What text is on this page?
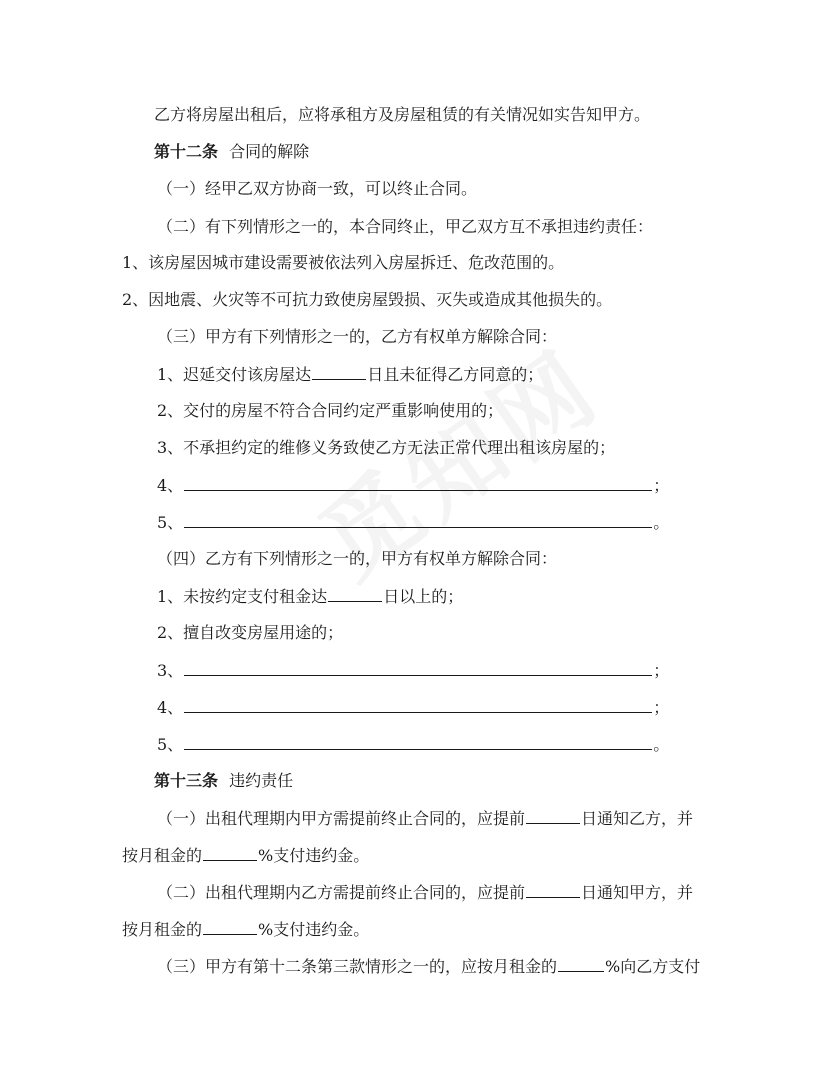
乙方将房屋出租后，应将承租方及房屋租赁的有关情况如实告知甲方。
第十二条 合同的解除
（一）经甲乙双方协商一致，可以终止合同。
（二）有下列情形之一的，本合同终止，甲乙双方互不承担违约责任：
1、该房屋因城市建设需要被依法列入房屋拆迁、危改范围的。
2、因地震、火灾等不可抗力致使房屋毁损、灭失或造成其他损失的。
（三）甲方有下列情形之一的，乙方有权单方解除合同：
1、迟延交付该房屋达	日且未征得乙方同意的；
2、交付的房屋不符合合同约定严重影响使用的；
3、不承担约定的维修义务致使乙方无法正常代理出租该房屋的；
4、	；
5、	。
（四）乙方有下列情形之一的，甲方有权单方解除合同：
1、未按约定支付租金达	日以上的；
2、擅自改变房屋用途的；
3、	；
4、	；
5、	。
第十三条 违约责任
（一）出租代理期内甲方需提前终止合同的，应提前	日通知乙方，并
按月租金的	%支付违约金。
（二）出租代理期内乙方需提前终止合同的，应提前	日通知甲方，并
按月租金的	%支付违约金。
（三）甲方有第十二条第三款情形之一的，应按月租金的	%向乙方支付
